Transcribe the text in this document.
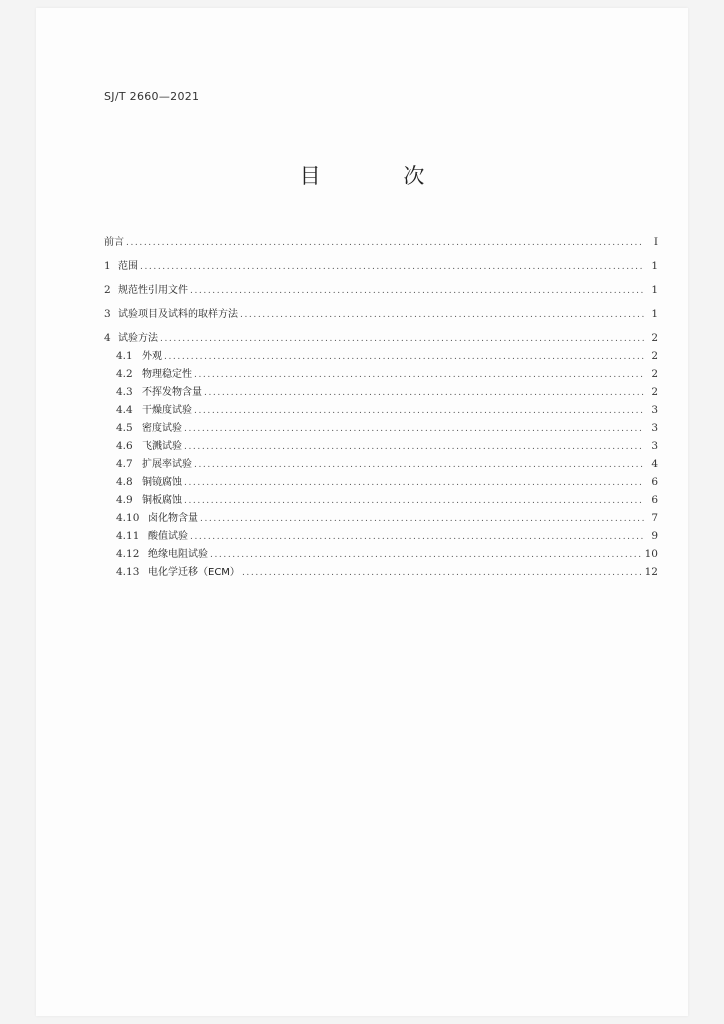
SJ/T 2660—2021
目 次
前言 .....	I
1 范围 .....	1
2 规范性引用文件 .....	1
3 试验项目及试料的取样方法 .....	1
4 试验方法 .....	2
4.1 外观 .....	2
4.2 物理稳定性 .....	2
4.3 不挥发物含量 .....	2
4.4 干燥度试验 .....	3
4.5 密度试验 .....	3
4.6 飞溅试验 .....	3
4.7 扩展率试验 .....	4
4.8 铜镜腐蚀 .....	6
4.9 铜板腐蚀 .....	6
4.10 卤化物含量 .....	7
4.11 酸值试验 .....	9
4.12 绝缘电阻试验 .....	10
4.13 电化学迁移（ECM） .....	12
